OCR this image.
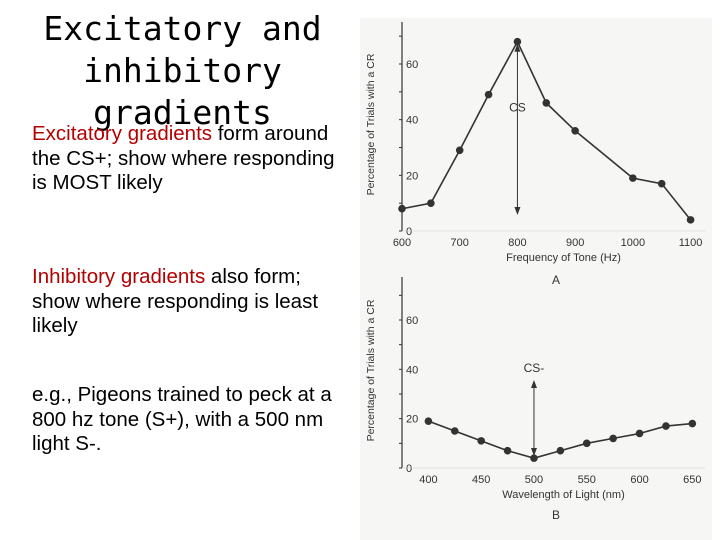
Excitatory and
inhibitory gradients
Excitatory gradients form around the CS+; show where responding is MOST likely
Inhibitory gradients also form; show where responding is least likely
e.g., Pigeons trained to peck at a 800 hz tone (S+), with a 500 nm light S-.
0
20
40
60
Percentage of Trials with a CR
600	700	800	900	1000	1100
Frequency of Tone (Hz)
A
CS
0
20
40
60
Percentage of Trials with a CR
400	450	500	550	600	650
Wavelength of Light (nm)
B
CS-
